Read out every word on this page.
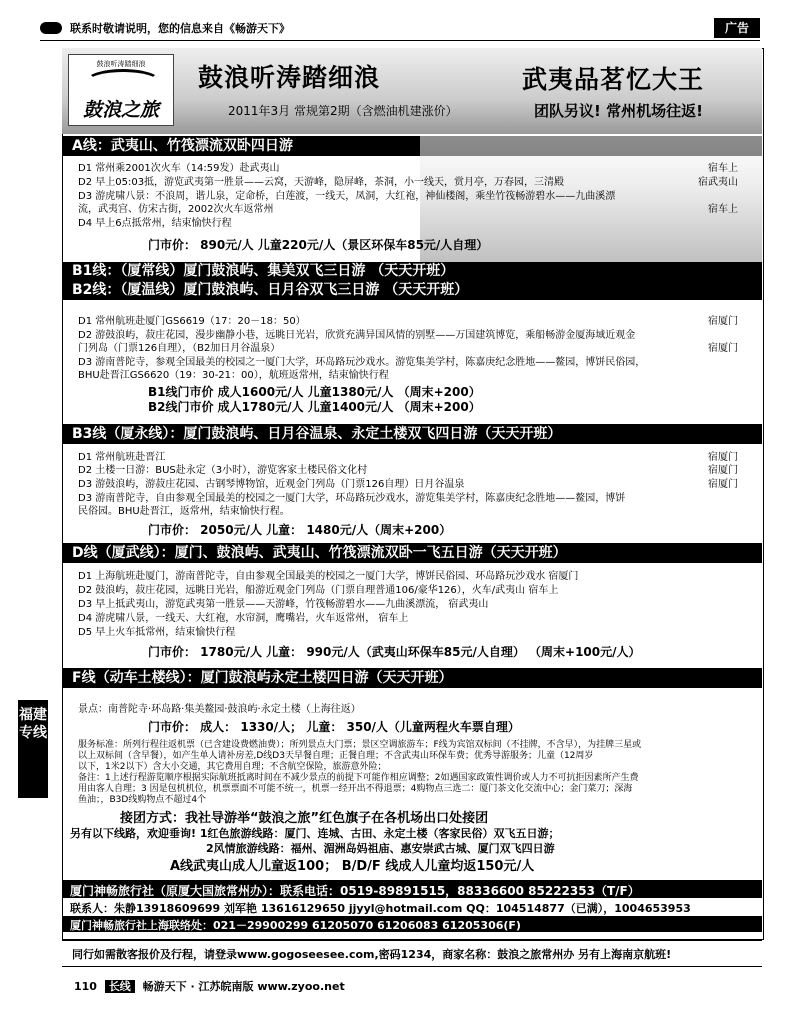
联系时敬请说明，您的信息来自《畅游天下》	广告
鼓浪听涛踏细浪
鼓浪之旅
鼓浪听涛踏细浪	武夷品茗忆大王
2011年3月 常规第2期（含燃油机建涨价）	团队另议! 常州机场往返!
A线：武夷山、竹筏漂流双卧四日游
D1 常州乘2001次火车（14:59发）赴武夷山	宿车上
D2 早上05:03抵，游览武夷第一胜景——云窝，天游峰，隐屏峰，茶洞，小一线天，赏月亭，万春园，三清殿	宿武夷山
D3 游虎啸八景：不浪周，谐儿泉，定命桥，白莲渡，一线天，凤洞，大红袍，神仙楼阁，乘坐竹筏畅游碧水——九曲溪漂
流，武夷宫、仿宋古街，2002次火车返常州	宿车上
D4 早上6点抵常州，结束愉快行程
门市价： 890元/人 儿童220元/人（景区环保车85元/人自理）
B1线：（厦常线）厦门鼓浪屿、集美双飞三日游 （天天开班）
B2线：（厦温线）厦门鼓浪屿、日月谷双飞三日游 （天天开班）
D1 常州航班赴厦门GS6619（17：20－18：50）	宿厦门
D2 游鼓浪屿，菽庄花园，漫步幽静小巷，远眺日光岩，欣赏充满异国风情的别墅——万国建筑博览，乘船畅游金厦海域近观金
门列岛（门票126自理），（B2加日月谷温泉）	宿厦门
D3 游南普陀寺，参观全国最美的校园之一厦门大学，环岛路玩沙戏水。游览集美学村，陈嘉庚纪念胜地——鳌园，博饼民俗园，
BHU赴晋江GS6620（19：30-21：00），航班返常州，结束愉快行程
B1线门市价 成人1600元/人 儿童1380元/人 （周末+200）
B2线门市价 成人1780元/人 儿童1400元/人 （周末+200）
B3线（厦永线）：厦门鼓浪屿、日月谷温泉、永定土楼双飞四日游（天天开班）
D1 常州航班赴晋江	宿厦门
D2 土楼一日游：BUS赴永定（3小时），游览客家土楼民俗文化村	宿厦门
D3 游鼓浪屿，游菽庄花园、古钢琴博物馆，近观金门列岛（门票126自理）日月谷温泉	宿厦门
D3 游南普陀寺，自由参观全国最美的校园之一厦门大学，环岛路玩沙戏水，游览集美学村，陈嘉庚纪念胜地——鳌园，博饼
民俗园。BHU赴晋江，返常州，结束愉快行程。
门市价： 2050元/人 儿童： 1480元/人（周末+200）
D线（厦武线）：厦门、鼓浪屿、武夷山、竹筏漂流双卧一飞五日游（天天开班）
D1 上海航班赴厦门，游南普陀寺，自由参观全国最美的校园之一厦门大学，博饼民俗园、环岛路玩沙戏水 宿厦门
D2 鼓浪屿，菽庄花园，远眺日光岩，船游近观金门列岛（门票自理普通106/豪华126），火车/武夷山 宿车上
D3 早上抵武夷山，游览武夷第一胜景——天游峰，竹筏畅游碧水——九曲溪漂流， 宿武夷山
D4 游虎啸八景，一线天、大红袍，水帘洞，鹰嘴岩，火车返常州， 宿车上
D5 早上火车抵常州，结束愉快行程
门市价： 1780元/人 儿童： 990元/人（武夷山环保车85元/人自理） （周末+100元/人）
F线（动车土楼线）：厦门鼓浪屿永定土楼四日游（天天开班）
景点：南普陀寺·环岛路·集美鳌园·鼓浪屿·永定土楼（上海往返）
门市价： 成人： 1330/人； 儿童： 350/人（儿童两程火车票自理）
服务标准：所列行程往返机票（已含建设费燃油费）；所列景点大门票；景区空调旅游车；F线为宾馆双标间（不挂牌，不含早），为挂牌三星或
以上双标间（含早餐），如产生单人请补房差,D线D3天早餐自理；正餐自理；不含武夷山环保车费；优秀导游服务；儿童（12周岁
以下，1米2以下）含大小交通，其它费用自理；不含航空保险，旅游意外险；
备注：1上述行程游览顺序根据实际航班抵离时间在不减少景点的前提下可能作相应调整；2如遇国家政策性调价或人力不可抗拒因素所产生费
用由客人自理；3 因是包机机位，机票票面不可能不统一，机票一经开出不得退票；4购物点三选二：厦门茶文化交流中心；金门菜刀；深海
鱼油；，B3D线购物点不超过4个
福建专线
接团方式：我社导游举“鼓浪之旅”红色旗子在各机场出口处接团
另有以下线路，欢迎垂询! 1红色旅游线路：厦门、连城、古田、永定土楼（客家民俗）双飞五日游；
2风情旅游线路：福州、湄洲岛妈祖庙、惠安崇武古城、厦门双飞四日游
A线武夷山成人儿童返100； B/D/F 线成人儿童均返150元/人
厦门神畅旅行社（原厦大国旅常州办）：联系电话：0519-89891515，88336600 85222353（T/F）
联系人：朱静13918609699 刘军艳 13616129650 jjyyl@hotmail.com QQ：104514877（已满），1004653953
厦门神畅旅行社上海联络处：021－29900299 61205070 61206083 61205306(F)
同行如需散客报价及行程，请登录www.gogoseesee.com,密码1234，商家名称：鼓浪之旅常州办 另有上海南京航班!
110 长线 畅游天下 · 江苏皖南版 www.zyoo.net
